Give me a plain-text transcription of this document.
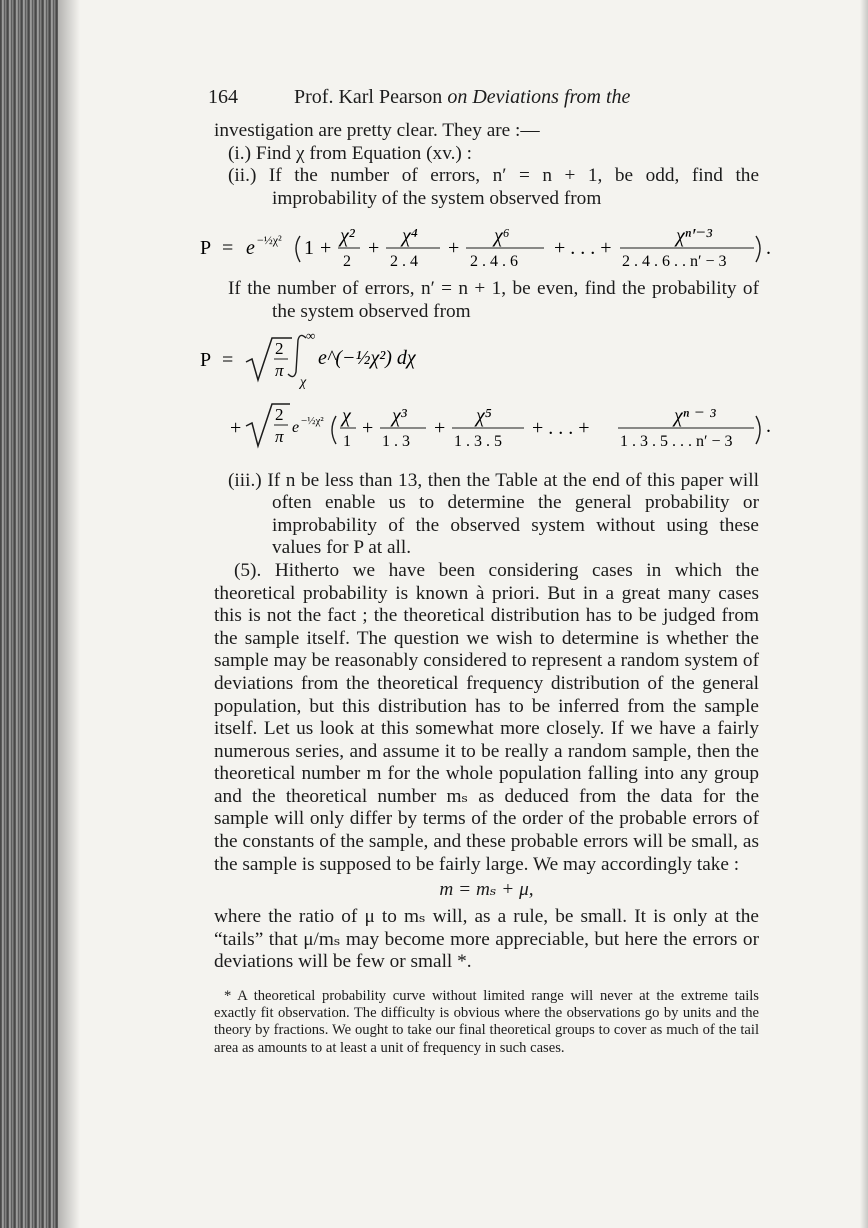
164	Prof. Karl Pearson on Deviations from the

investigation are pretty clear. They are :—

(i.) Find χ from Equation (xv.) :

(ii.) If the number of errors, n′ = n + 1, be odd, find the improbability of the system observed from

P = e −½χ² 1 +
χ²
2
+
χ⁴
2 . 4
+
χ⁶
2 . 4 . 6
+ . . . +
χⁿ′⁻³
2 . 4 . 6 . . n′ − 3
.

If the number of errors, n′ = n + 1, be even, find the probability of the system observed from

P =
2
π
∞
χ
e^(−½χ²) dχ
+
2
π e −½χ² χ
1
+
χ³
1 . 3
+
χ⁵
1 . 3 . 5
+ . . . +
χⁿ ⁻ ³
1 . 3 . 5 . . . n′ − 3
.

(iii.) If n be less than 13, then the Table at the end of this paper will often enable us to determine the general probability or improbability of the observed system without using these values for P at all.

(5). Hitherto we have been considering cases in which the theoretical probability is known à priori. But in a great many cases this is not the fact ; the theoretical distribution has to be judged from the sample itself. The question we wish to determine is whether the sample may be reasonably considered to represent a random system of deviations from the theoretical frequency distribution of the general population, but this distribution has to be inferred from the sample itself. Let us look at this somewhat more closely. If we have a fairly numerous series, and assume it to be really a random sample, then the theoretical number m for the whole population falling into any group and the theoretical number mₛ as deduced from the data for the sample will only differ by terms of the order of the probable errors of the constants of the sample, and these probable errors will be small, as the sample is supposed to be fairly large. We may accordingly take :

m = mₛ + μ,

where the ratio of μ to mₛ will, as a rule, be small. It is only at the “tails” that μ/mₛ may become more appreciable, but here the errors or deviations will be few or small *.

* A theoretical probability curve without limited range will never at the extreme tails exactly fit observation. The difficulty is obvious where the observations go by units and the theory by fractions. We ought to take our final theoretical groups to cover as much of the tail area as amounts to at least a unit of frequency in such cases.
